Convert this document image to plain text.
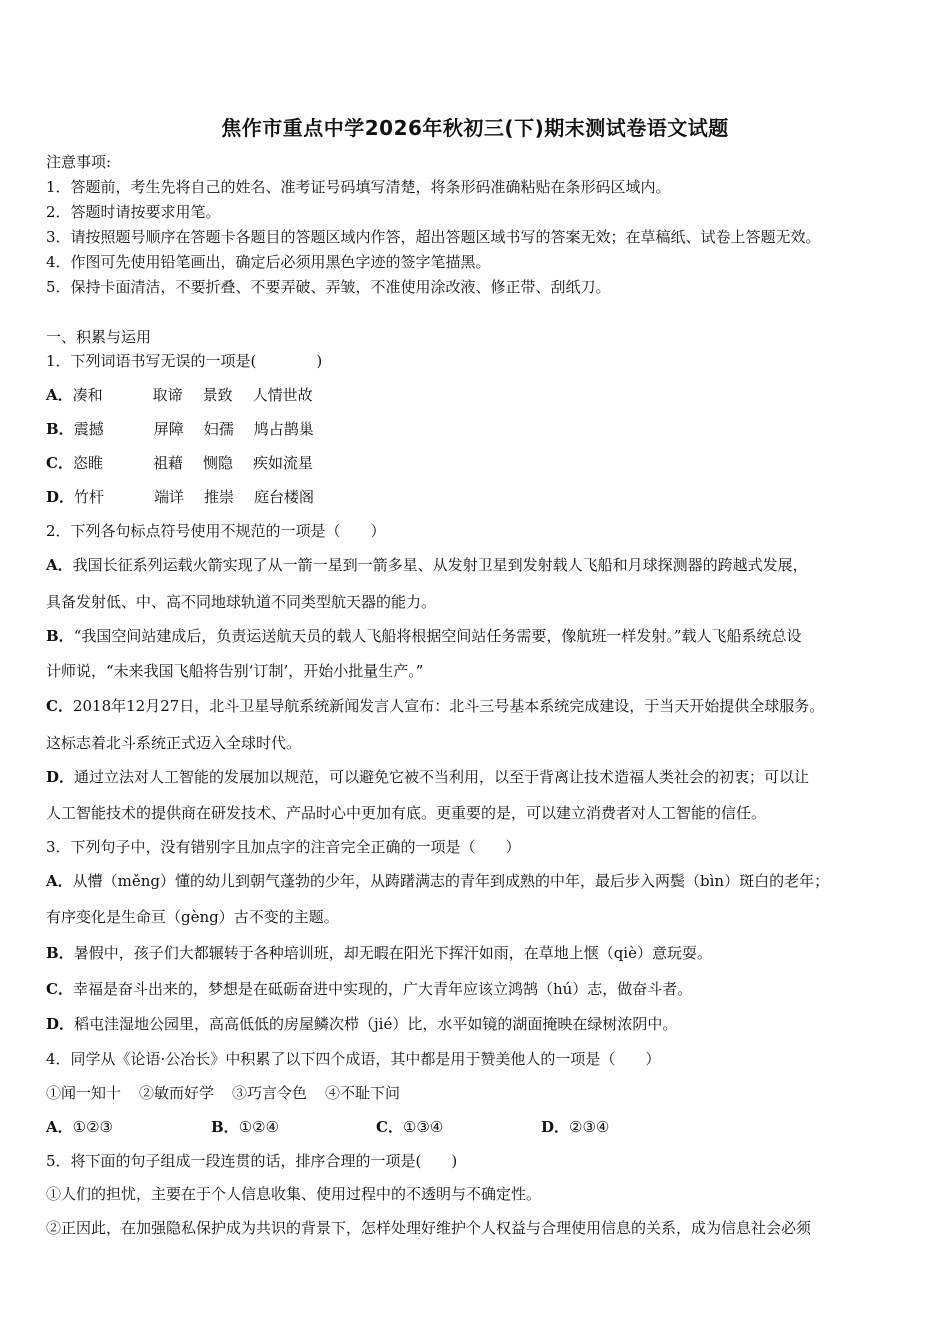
焦作市重点中学2026年秋初三(下)期末测试卷语文试题
注意事项:
1．答题前，考生先将自己的姓名、准考证号码填写清楚，将条形码准确粘贴在条形码区域内。
2．答题时请按要求用笔。
3．请按照题号顺序在答题卡各题目的答题区域内作答，超出答题区域书写的答案无效；在草稿纸、试卷上答题无效。
4．作图可先使用铅笔画出，确定后必须用黑色字迹的签字笔描黑。
5．保持卡面清洁，不要折叠、不要弄破、弄皱，不准使用涂改液、修正带、刮纸刀。
一、积累与运用
1．下列词语书写无误的一项是(　　　　)
A．凑和	取谛 景致 人情世故
B．震撼	屏障 妇孺 鸠占鹊巢
C．恣睢	祖藉 恻隐 疾如流星
D．竹杆	端详 推崇 庭台楼阁
2．下列各句标点符号使用不规范的一项是（　　）
A．我国长征系列运载火箭实现了从一箭一星到一箭多星、从发射卫星到发射载人飞船和月球探测器的跨越式发展，
具备发射低、中、高不同地球轨道不同类型航天器的能力。
B．“我国空间站建成后，负责运送航天员的载人飞船将根据空间站任务需要，像航班一样发射。”载人飞船系统总设
计师说，“未来我国飞船将告别‘订制’，开始小批量生产。”
C．2018年12月27日，北斗卫星导航系统新闻发言人宣布：北斗三号基本系统完成建设，于当天开始提供全球服务。
这标志着北斗系统正式迈入全球时代。
D．通过立法对人工智能的发展加以规范，可以避免它被不当利用，以至于背离让技术造福人类社会的初衷；可以让
人工智能技术的提供商在研发技术、产品时心中更加有底。更重要的是，可以建立消费者对人工智能的信任。
3．下列句子中，没有错别字且加点字的注音完全正确的一项是（　　）
A．从懵（měng）懂的幼儿到朝气蓬勃的少年，从踌躇满志的青年到成熟的中年，最后步入两鬓（bìn）斑白的老年；
有序变化是生命亘（gèng）古不变的主题。
B．暑假中，孩子们大都辗转于各种培训班，却无暇在阳光下挥汗如雨，在草地上惬（qiè）意玩耍。
C．幸福是奋斗出来的，梦想是在砥砺奋进中实现的，广大青年应该立鸿鹄（hú）志，做奋斗者。
D．稻屯洼湿地公园里，高高低低的房屋鳞次栉（jié）比，水平如镜的湖面掩映在绿树浓阴中。
4．同学从《论语·公冶长》中积累了以下四个成语，其中都是用于赞美他人的一项是（　　）
①闻一知十 ②敏而好学 ③巧言令色 ④不耻下问
A．①②③	B．①②④	C．①③④	D．②③④
5．将下面的句子组成一段连贯的话，排序合理的一项是(　　)
①人们的担忧，主要在于个人信息收集、使用过程中的不透明与不确定性。
②正因此，在加强隐私保护成为共识的背景下，怎样处理好维护个人权益与合理使用信息的关系，成为信息社会必须
